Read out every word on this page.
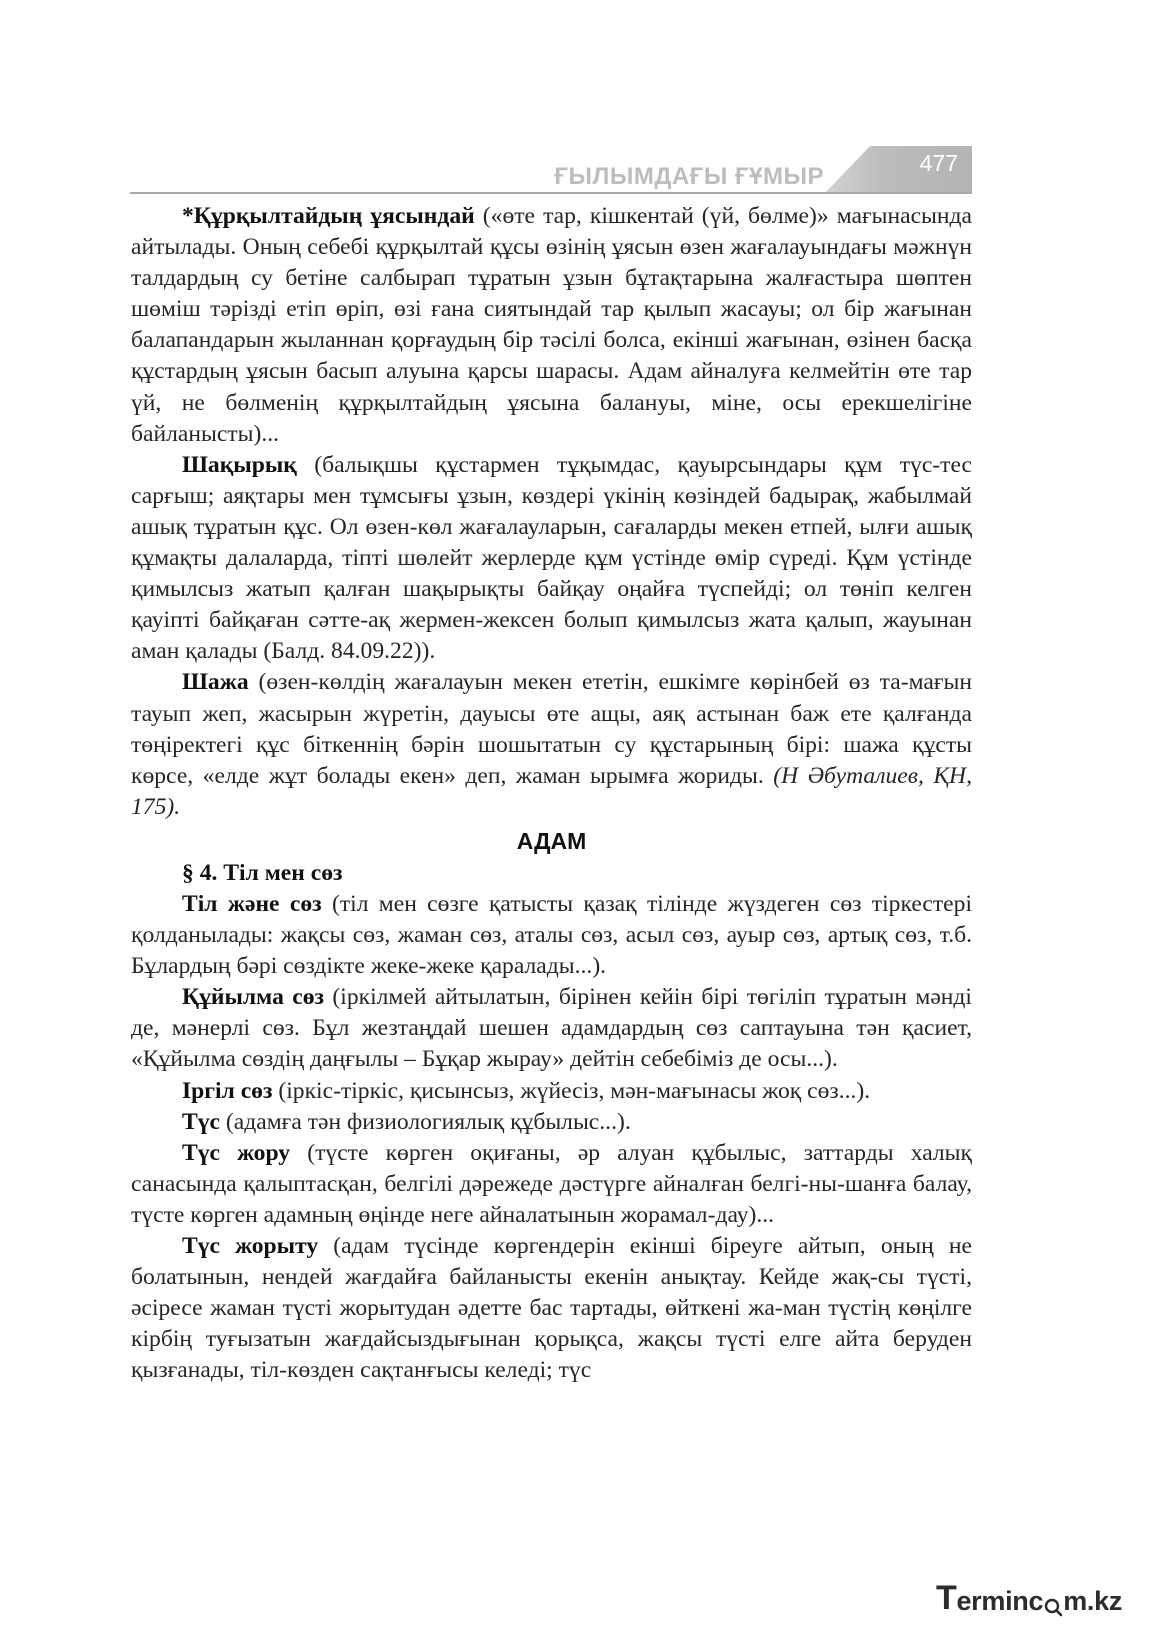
ҒЫЛЫМДАҒЫ ҒҰМЫР	477

*Құрқылтайдың ұясындай («өте тар, кішкентай (үй, бөлме)» мағынасында айтылады. Оның себебі құрқылтай құсы өзінің ұясын өзен жағалауындағы мәжнүн талдардың су бетіне салбырап тұратын ұзын бұтақтарына жалғастыра шөптен шөміш тәрізді етіп өріп, өзі ғана сиятындай тар қылып жасауы; ол бір жағынан балапандарын жыланнан қорғаудың бір тәсілі болса, екінші жағынан, өзінен басқа құстардың ұясын басып алуына қарсы шарасы. Адам айналуға келмейтін өте тар үй, не бөлменің құрқылтайдың ұясына балануы, міне, осы ерекшелігіне байланысты)...

Шақырық (балықшы құстармен тұқымдас, қауырсындары құм түс-тес сарғыш; аяқтары мен тұмсығы ұзын, көздері үкінің көзіндей бадырақ, жабылмай ашық тұратын құс. Ол өзен-көл жағалауларын, сағаларды мекен етпей, ылғи ашық құмақты далаларда, тіпті шөлейт жерлерде құм үстінде өмір сүреді. Құм үстінде қимылсыз жатып қалған шақырықты байқау оңайға түспейді; ол төніп келген қауіпті байқаған сәтте-ақ жермен-жексен болып қимылсыз жата қалып, жауынан аман қалады (Балд. 84.09.22)).

Шажа (өзен-көлдің жағалауын мекен ететін, ешкімге көрінбей өз та-мағын тауып жеп, жасырын жүретін, дауысы өте ащы, аяқ астынан баж ете қалғанда төңіректегі құс біткеннің бәрін шошытатын су құстарының бірі: шажа құсты көрсе, «елде жұт болады екен» деп, жаман ырымға жориды. (Н Әбуталиев, ҚН, 175).

АДАМ

§ 4. Тіл мен сөз

Тіл және сөз (тіл мен сөзге қатысты қазақ тілінде жүздеген сөз тіркестері қолданылады: жақсы сөз, жаман сөз, аталы сөз, асыл сөз, ауыр сөз, артық сөз, т.б. Бұлардың бәрі сөздікте жеке-жеке қаралады...).

Құйылма сөз (іркілмей айтылатын, бірінен кейін бірі төгіліп тұратын мәнді де, мәнерлі сөз. Бұл жезтаңдай шешен адамдардың сөз саптауына тән қасиет, «Құйылма сөздің даңғылы – Бұқар жырау» дейтін себебіміз де осы...).

Іргіл сөз (іркіс-тіркіс, қисынсыз, жүйесіз, мән-мағынасы жоқ сөз...).

Түс (адамға тән физиологиялық құбылыс...).

Түс жору (түсте көрген оқиғаны, әр алуан құбылыс, заттарды халық санасында қалыптасқан, белгілі дәрежеде дәстүрге айналған белгі-ны-шанға балау, түсте көрген адамның өңінде неге айналатынын жорамал-дау)...

Түс жорыту (адам түсінде көргендерін екінші біреуге айтып, оның не болатынын, нендей жағдайға байланысты екенін анықтау. Кейде жақ-сы түсті, әсіресе жаман түсті жорытудан әдетте бас тартады, өйткені жа-ман түстің көңілге кірбің туғызатын жағдайсыздығынан қорықса, жақсы түсті елге айта беруден қызғанады, тіл-көзден сақтанғысы келеді; түс

T erminc m.kz
